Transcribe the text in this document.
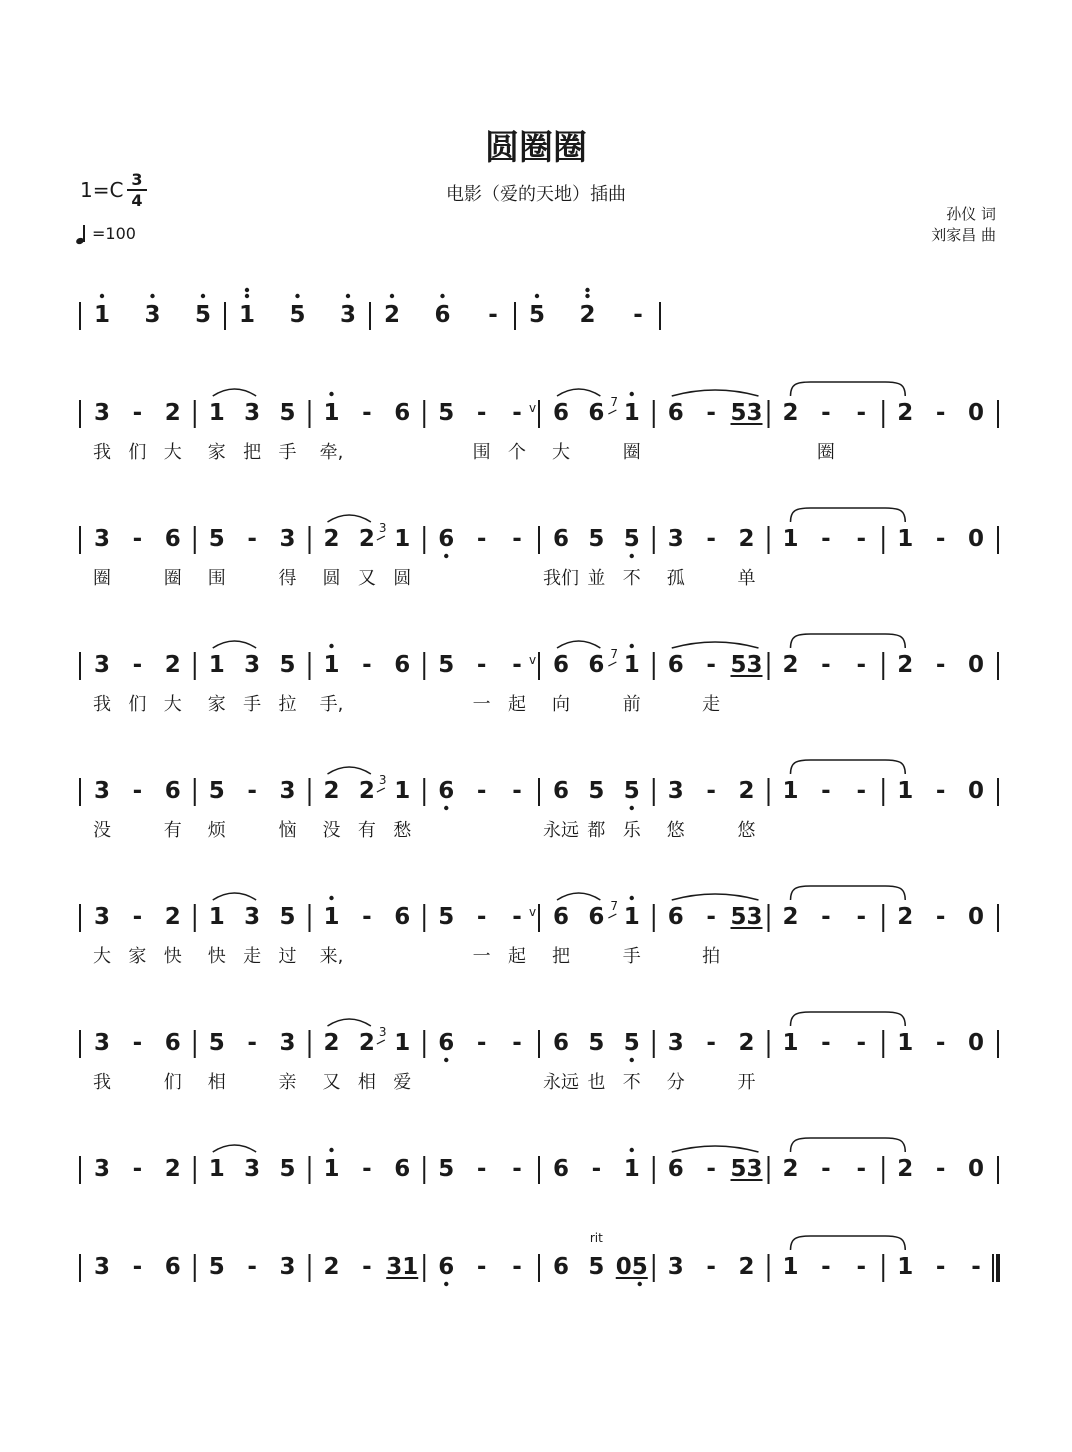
圆圈圈
电影（爱的天地）插曲
1=C 3
4
=100
孙仪 词
刘家昌 曲
1 3 5 1 5 3 2 6 - 5 2 -
3
我
-
们
2
大
1
家
3
把
5
手
1
牵,
- 6 5 -
围
-
个
6
大
6 1
圈
6 - 5 3 2 -
圈
- 2 - 0
3
圈
- 6
圈
5
围
- 3
得
2
圆
2
又
1
圆
6 - - 6
我们
5
並
5
不
3
孤
- 2
单
1 - - 1 - 0
3
我
-
们
2
大
1
家
3
手
5
拉
1
手,
- 6 5 -
一
-
起
6
向
6 1
前
6 -
走
5 3 2 - - 2 - 0
3
没
- 6
有
5
烦
- 3
恼
2
没
2
有
1
愁
6 - - 6
永远
5
都
5
乐
3
悠
- 2
悠
1 - - 1 - 0
3
大
-
家
2
快
1
快
3
走
5
过
1
来,
- 6 5 -
一
-
起
6
把
6 1
手
6 -
拍
5 3 2 - - 2 - 0
3
我
- 6
们
5
相
- 3
亲
2
又
2
相
1
爱
6 - - 6
永远
5
也
5
不
3
分
- 2
开
1 - - 1 - 0
3 - 2 1 3 5 1 - 6 5 - - 6 - 1 6 - 5 3 2 - - 2 - 0
3 - 6 5 - 3 2 - 3 1 6 - - 6 5 0 5 3 - 2 1 - - 1 - -
7
v
7
v
7
v
3
3
3
rit
